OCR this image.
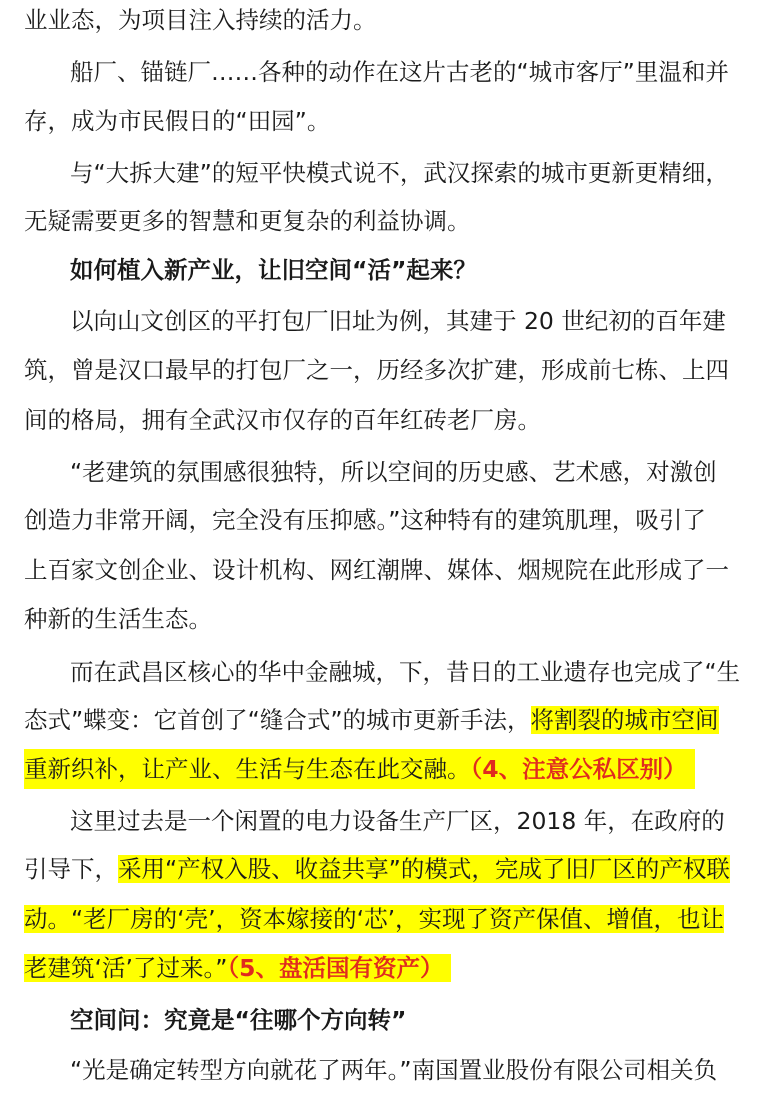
业业态，为项目注入持续的活力。
船厂、锚链厂……各种的动作在这片古老的“城市客厅”里温和并
存，成为市民假日的“田园”。
与“大拆大建”的短平快模式说不，武汉探索的城市更新更精细，
无疑需要更多的智慧和更复杂的利益协调。
如何植入新产业，让旧空间“活”起来？
以向山文创区的平打包厂旧址为例，其建于 20 世纪初的百年建
筑，曾是汉口最早的打包厂之一，历经多次扩建，形成前七栋、上四
间的格局，拥有全武汉市仅存的百年红砖老厂房。
“老建筑的氛围感很独特，所以空间的历史感、艺术感，对激创
创造力非常开阔，完全没有压抑感。”这种特有的建筑肌理，吸引了
上百家文创企业、设计机构、网红潮牌、媒体、烟规院在此形成了一
种新的生活生态。
而在武昌区核心的华中金融城，下，昔日的工业遗存也完成了“生
态式”蝶变：它首创了“缝合式”的城市更新手法，将割裂的城市空间
重新织补，让产业、生活与生态在此交融。（4、注意公私区别）
这里过去是一个闲置的电力设备生产厂区，2018 年，在政府的
引导下，采用“产权入股、收益共享”的模式，完成了旧厂区的产权联
动。“老厂房的‘壳’，资本嫁接的‘芯’，实现了资产保值、增值，也让
老建筑‘活’了过来。”（5、盘活国有资产）
空间问：究竟是“往哪个方向转”
“光是确定转型方向就花了两年。”南国置业股份有限公司相关负
